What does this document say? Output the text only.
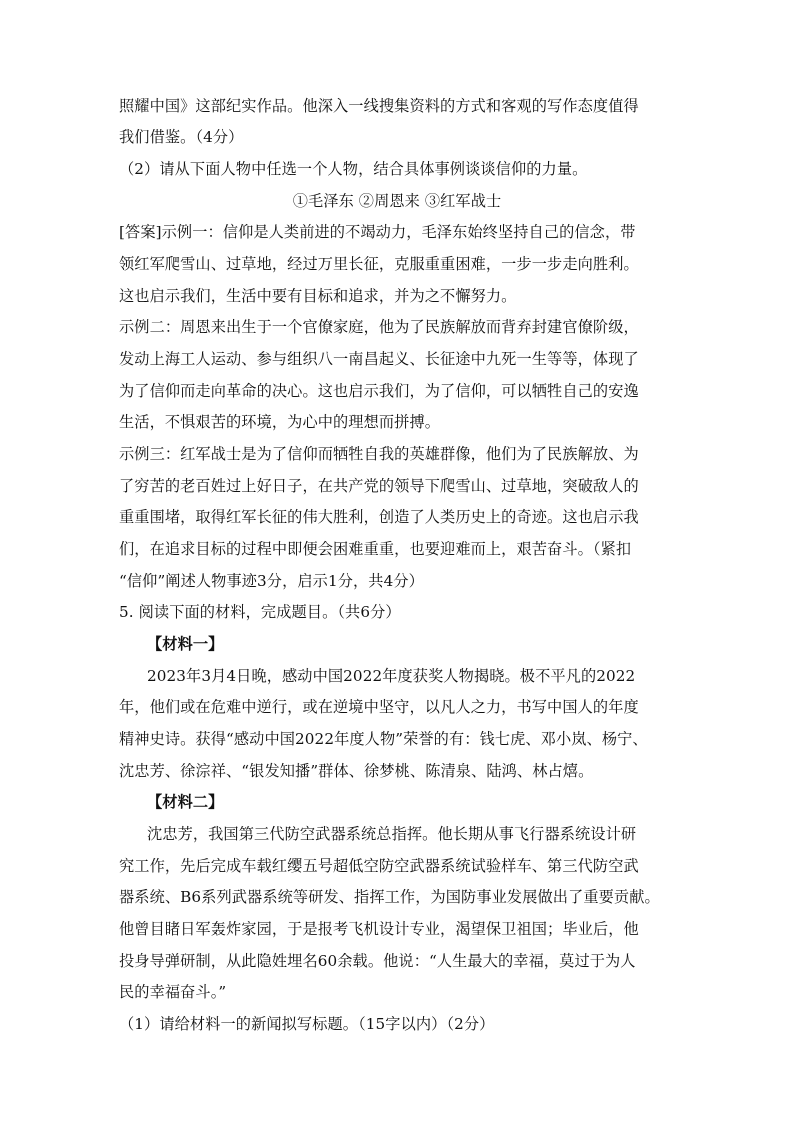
照耀中国》这部纪实作品。他深入一线搜集资料的方式和客观的写作态度值得
我们借鉴。（4分）
（2）请从下面人物中任选一个人物，结合具体事例谈谈信仰的力量。
①毛泽东 ②周恩来 ③红军战士
[答案]示例一：信仰是人类前进的不竭动力，毛泽东始终坚持自己的信念，带
领红军爬雪山、过草地，经过万里长征，克服重重困难，一步一步走向胜利。
这也启示我们，生活中要有目标和追求，并为之不懈努力。
示例二：周恩来出生于一个官僚家庭，他为了民族解放而背弃封建官僚阶级，
发动上海工人运动、参与组织八一南昌起义、长征途中九死一生等等，体现了
为了信仰而走向革命的决心。这也启示我们，为了信仰，可以牺牲自己的安逸
生活，不惧艰苦的环境，为心中的理想而拼搏。
示例三：红军战士是为了信仰而牺牲自我的英雄群像，他们为了民族解放、为
了穷苦的老百姓过上好日子，在共产党的领导下爬雪山、过草地，突破敌人的
重重围堵，取得红军长征的伟大胜利，创造了人类历史上的奇迹。这也启示我
们，在追求目标的过程中即便会困难重重，也要迎难而上，艰苦奋斗。（紧扣
“信仰”阐述人物事迹3分，启示1分，共4分）
5. 阅读下面的材料，完成题目。（共6分）
【材料一】
2023年3月4日晚，感动中国2022年度获奖人物揭晓。极不平凡的2022
年，他们或在危难中逆行，或在逆境中坚守，以凡人之力，书写中国人的年度
精神史诗。获得“感动中国2022年度人物”荣誉的有：钱七虎、邓小岚、杨宁、
沈忠芳、徐淙祥、“银发知播”群体、徐梦桃、陈清泉、陆鸿、林占熺。
【材料二】
沈忠芳，我国第三代防空武器系统总指挥。他长期从事飞行器系统设计研
究工作，先后完成车载红缨五号超低空防空武器系统试验样车、第三代防空武
器系统、B6系列武器系统等研发、指挥工作，为国防事业发展做出了重要贡献。
他曾目睹日军轰炸家园，于是报考飞机设计专业，渴望保卫祖国；毕业后，他
投身导弹研制，从此隐姓埋名60余载。他说：“人生最大的幸福，莫过于为人
民的幸福奋斗。”
（1）请给材料一的新闻拟写标题。（15字以内）（2分）
